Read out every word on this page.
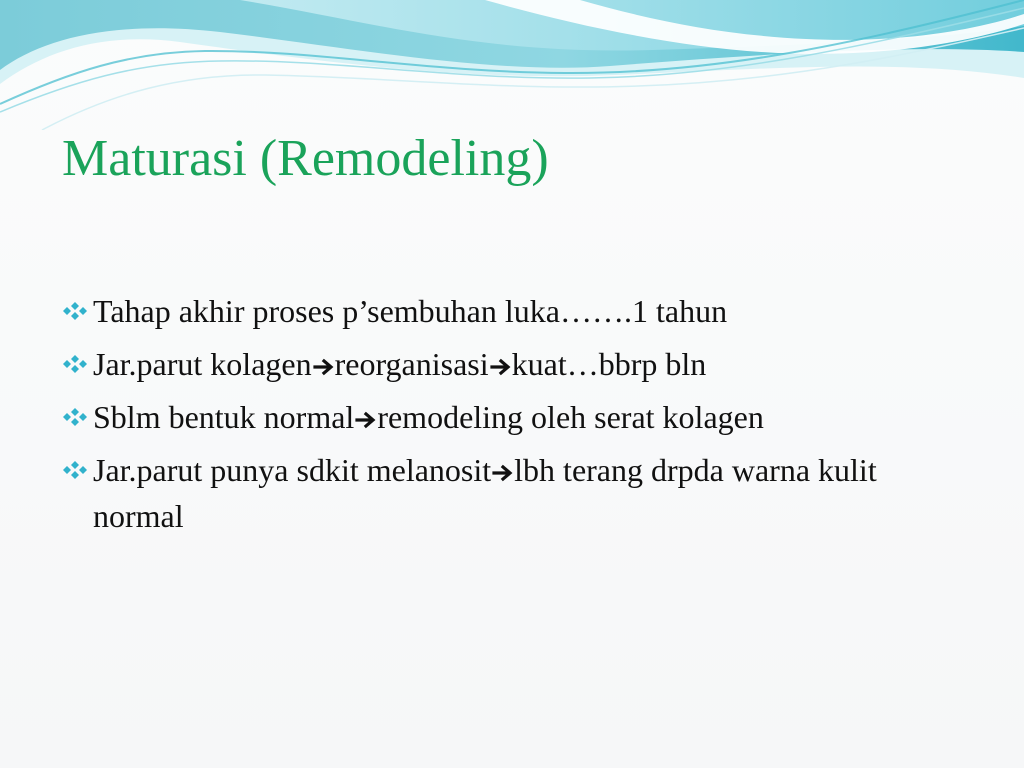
Maturasi (Remodeling)
Tahap akhir proses p’sembuhan luka…….1 tahun
Jar.parut kolagen reorganisasi kuat…bbrp bln
Sblm bentuk normal remodeling oleh serat kolagen
Jar.parut punya sdkit melanosit lbh terang drpda warna kulit normal
